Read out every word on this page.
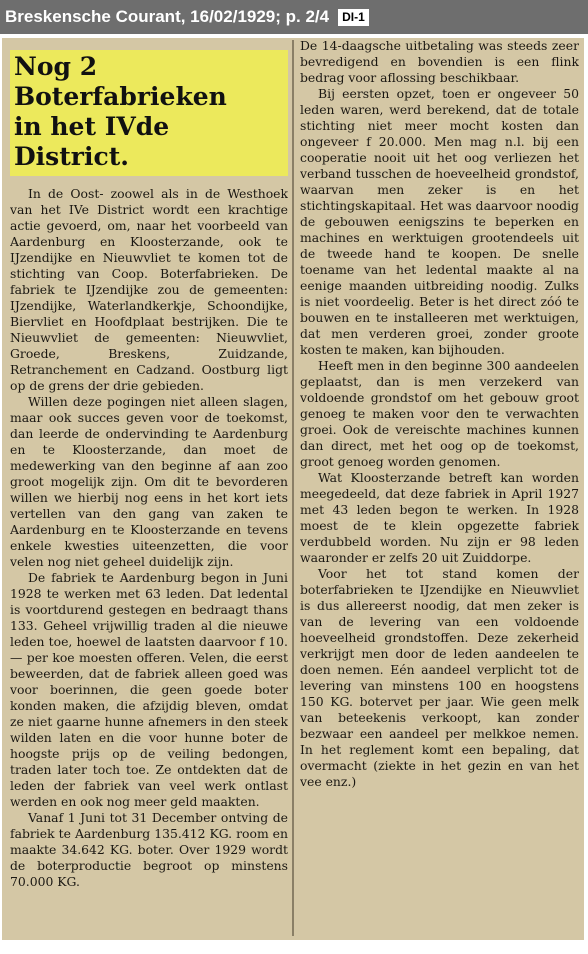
Breskensche Courant, 16/02/1929; p. 2/4	DI-1
Nog 2 Boterfabrieken
in het IVde District.

In de Oost- zoowel als in de Westhoek van het IVe District wordt een krachtige actie gevoerd, om, naar het voorbeeld van Aardenburg en Kloosterzande, ook te IJzendijke en Nieuwvliet te komen tot de stichting van Coop. Boterfabrieken. De fabriek te IJzendijke zou de gemeenten: IJzendijke, Waterlandkerkje, Schoondijke, Biervliet en Hoofdplaat bestrijken. Die te Nieuwvliet de gemeenten: Nieuwvliet, Groede, Breskens, Zuidzande, Retranchement en Cadzand. Oostburg ligt op de grens der drie gebieden.

Willen deze pogingen niet alleen slagen, maar ook succes geven voor de toekomst, dan leerde de ondervinding te Aardenburg en te Kloosterzande, dan moet de medewerking van den beginne af aan zoo groot mogelijk zijn. Om dit te bevorderen willen we hierbij nog eens in het kort iets vertellen van den gang van zaken te Aardenburg en te Kloosterzande en tevens enkele kwesties uiteenzetten, die voor velen nog niet geheel duidelijk zijn.

De fabriek te Aardenburg begon in Juni 1928 te werken met 63 leden. Dat ledental is voortdurend gestegen en bedraagt thans 133. Geheel vrijwillig traden al die nieuwe leden toe, hoewel de laatsten daarvoor f 10.— per koe moesten offeren. Velen, die eerst beweerden, dat de fabriek alleen goed was voor boerinnen, die geen goede boter konden maken, die afzijdig bleven, omdat ze niet gaarne hunne afnemers in den steek wilden laten en die voor hunne boter de hoogste prijs op de veiling bedongen, traden later toch toe. Ze ontdekten dat de leden der fabriek van veel werk ontlast werden en ook nog meer geld maakten.

Vanaf 1 Juni tot 31 December ontving de fabriek te Aardenburg 135.412 KG. room en maakte 34.642 KG. boter. Over 1929 wordt de boterproductie begroot op minstens 70.000 KG.

De 14-daagsche uitbetaling was steeds zeer bevredigend en bovendien is een flink bedrag voor aflossing beschikbaar.

Bij eersten opzet, toen er ongeveer 50 leden waren, werd berekend, dat de totale stichting niet meer mocht kosten dan ongeveer f 20.000. Men mag n.l. bij een cooperatie nooit uit het oog verliezen het verband tusschen de hoeveelheid grondstof, waarvan men zeker is en het stichtingskapitaal. Het was daarvoor noodig de gebouwen eenigszins te beperken en machines en werktuigen grootendeels uit de tweede hand te koopen. De snelle toename van het ledental maakte al na eenige maanden uitbreiding noodig. Zulks is niet voordeelig. Beter is het direct zóó te bouwen en te installeeren met werktuigen, dat men verderen groei, zonder groote kosten te maken, kan bijhouden.

Heeft men in den beginne 300 aandeelen geplaatst, dan is men verzekerd van voldoende grondstof om het gebouw groot genoeg te maken voor den te verwachten groei. Ook de vereischte machines kunnen dan direct, met het oog op de toekomst, groot genoeg worden genomen.

Wat Kloosterzande betreft kan worden meegedeeld, dat deze fabriek in April 1927 met 43 leden begon te werken. In 1928 moest de te klein opgezette fabriek verdubbeld worden. Nu zijn er 98 leden waaronder er zelfs 20 uit Zuiddorpe.

Voor het tot stand komen der boterfabrieken te IJzendijke en Nieuwvliet is dus allereerst noodig, dat men zeker is van de levering van een voldoende hoeveelheid grondstoffen. Deze zekerheid verkrijgt men door de leden aandeelen te doen nemen. Eén aandeel verplicht tot de levering van minstens 100 en hoogstens 150 KG. botervet per jaar. Wie geen melk van beteekenis verkoopt, kan zonder bezwaar een aandeel per melkkoe nemen. In het reglement komt een bepaling, dat overmacht (ziekte in het gezin en van het vee enz.)
